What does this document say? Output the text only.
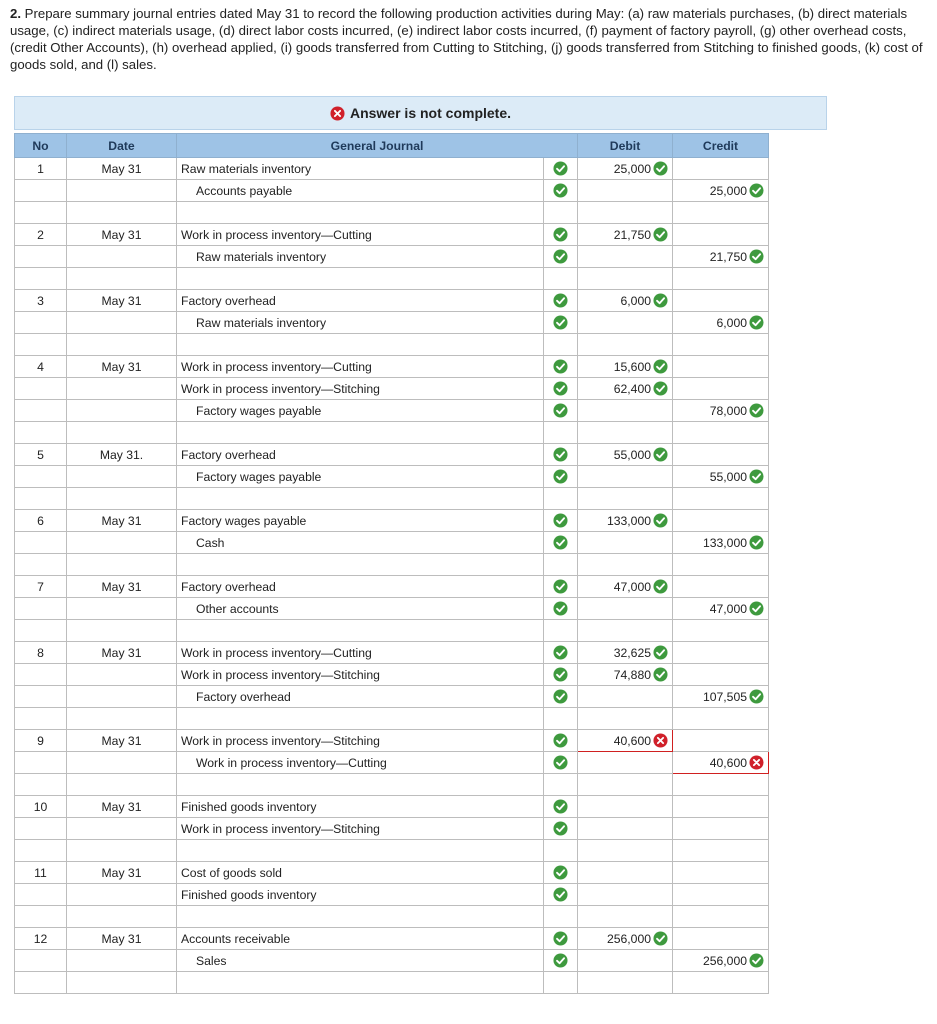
2. Prepare summary journal entries dated May 31 to record the following production activities during May: (a) raw materials purchases, (b) direct materials usage, (c) indirect materials usage, (d) direct labor costs incurred, (e) indirect labor costs incurred, (f) payment of factory payroll, (g) other overhead costs, (credit Other Accounts), (h) overhead applied, (i) goods transferred from Cutting to Stitching, (j) goods transferred from Stitching to finished goods, (k) cost of goods sold, and (l) sales.
Answer is not complete.
No	Date	General Journal		Debit	Credit
1	May 31	Raw materials inventory		25,000

		Accounts payable			25,000

2	May 31	Work in process inventory—Cutting		21,750

		Raw materials inventory			21,750

3	May 31	Factory overhead		6,000

		Raw materials inventory			6,000

4	May 31	Work in process inventory—Cutting		15,600

		Work in process inventory—Stitching		62,400

		Factory wages payable			78,000

5	May 31.	Factory overhead		55,000

		Factory wages payable			55,000

6	May 31	Factory wages payable		133,000

		Cash			133,000

7	May 31	Factory overhead		47,000

		Other accounts			47,000

8	May 31	Work in process inventory—Cutting		32,625

		Work in process inventory—Stitching		74,880

		Factory overhead			107,505

9	May 31	Work in process inventory—Stitching		40,600

		Work in process inventory—Cutting			40,600

10	May 31	Finished goods inventory	

		Work in process inventory—Stitching	

11	May 31	Cost of goods sold	

		Finished goods inventory	

12	May 31	Accounts receivable		256,000

		Sales			256,000
